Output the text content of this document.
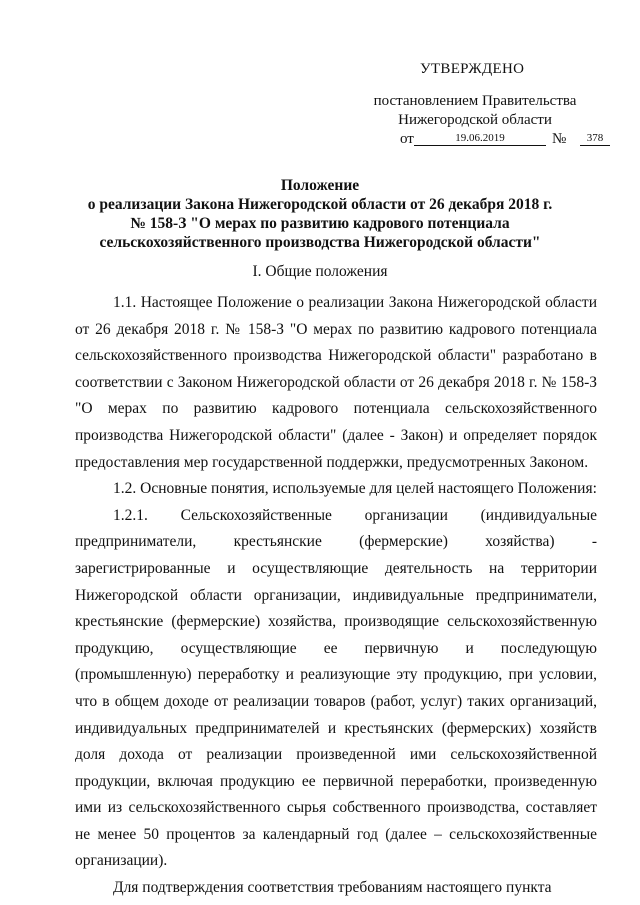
УТВЕРЖДЕНО
постановлением Правительства
Нижегородской области
от	19.06.2019	№	378
Положение
о реализации Закона Нижегородской области от 26 декабря 2018 г.
№ 158-З "О мерах по развитию кадрового потенциала
сельскохозяйственного производства Нижегородской области"
I. Общие положения

1.1. Настоящее Положение о реализации Закона Нижегородской области от 26 декабря 2018 г. № 158-З "О мерах по развитию кадрового потенциала сельскохозяйственного производства Нижегородской области" разработано в соответствии с Законом Нижегородской области от 26 декабря 2018 г. № 158-З "О мерах по развитию кадрового потенциала сельскохозяйственного производства Нижегородской области" (далее - Закон) и определяет порядок предоставления мер государственной поддержки, предусмотренных Законом.

1.2. Основные понятия, используемые для целей настоящего Положения:

1.2.1. Сельскохозяйственные организации (индивидуальные предприниматели, крестьянские (фермерские) хозяйства) - зарегистрированные и осуществляющие деятельность на территории Нижегородской области организации, индивидуальные предприниматели, крестьянские (фермерские) хозяйства, производящие сельскохозяйственную продукцию, осуществляющие ее первичную и последующую (промышленную) переработку и реализующие эту продукцию, при условии, что в общем доходе от реализации товаров (работ, услуг) таких организаций, индивидуальных предпринимателей и крестьянских (фермерских) хозяйств доля дохода от реализации произведенной ими сельскохозяйственной продукции, включая продукцию ее первичной переработки, произведенную ими из сельскохозяйственного сырья собственного производства, составляет не менее 50 процентов за календарный год (далее – сельскохозяйственные организации).

Для подтверждения соответствия требованиям настоящего пункта
